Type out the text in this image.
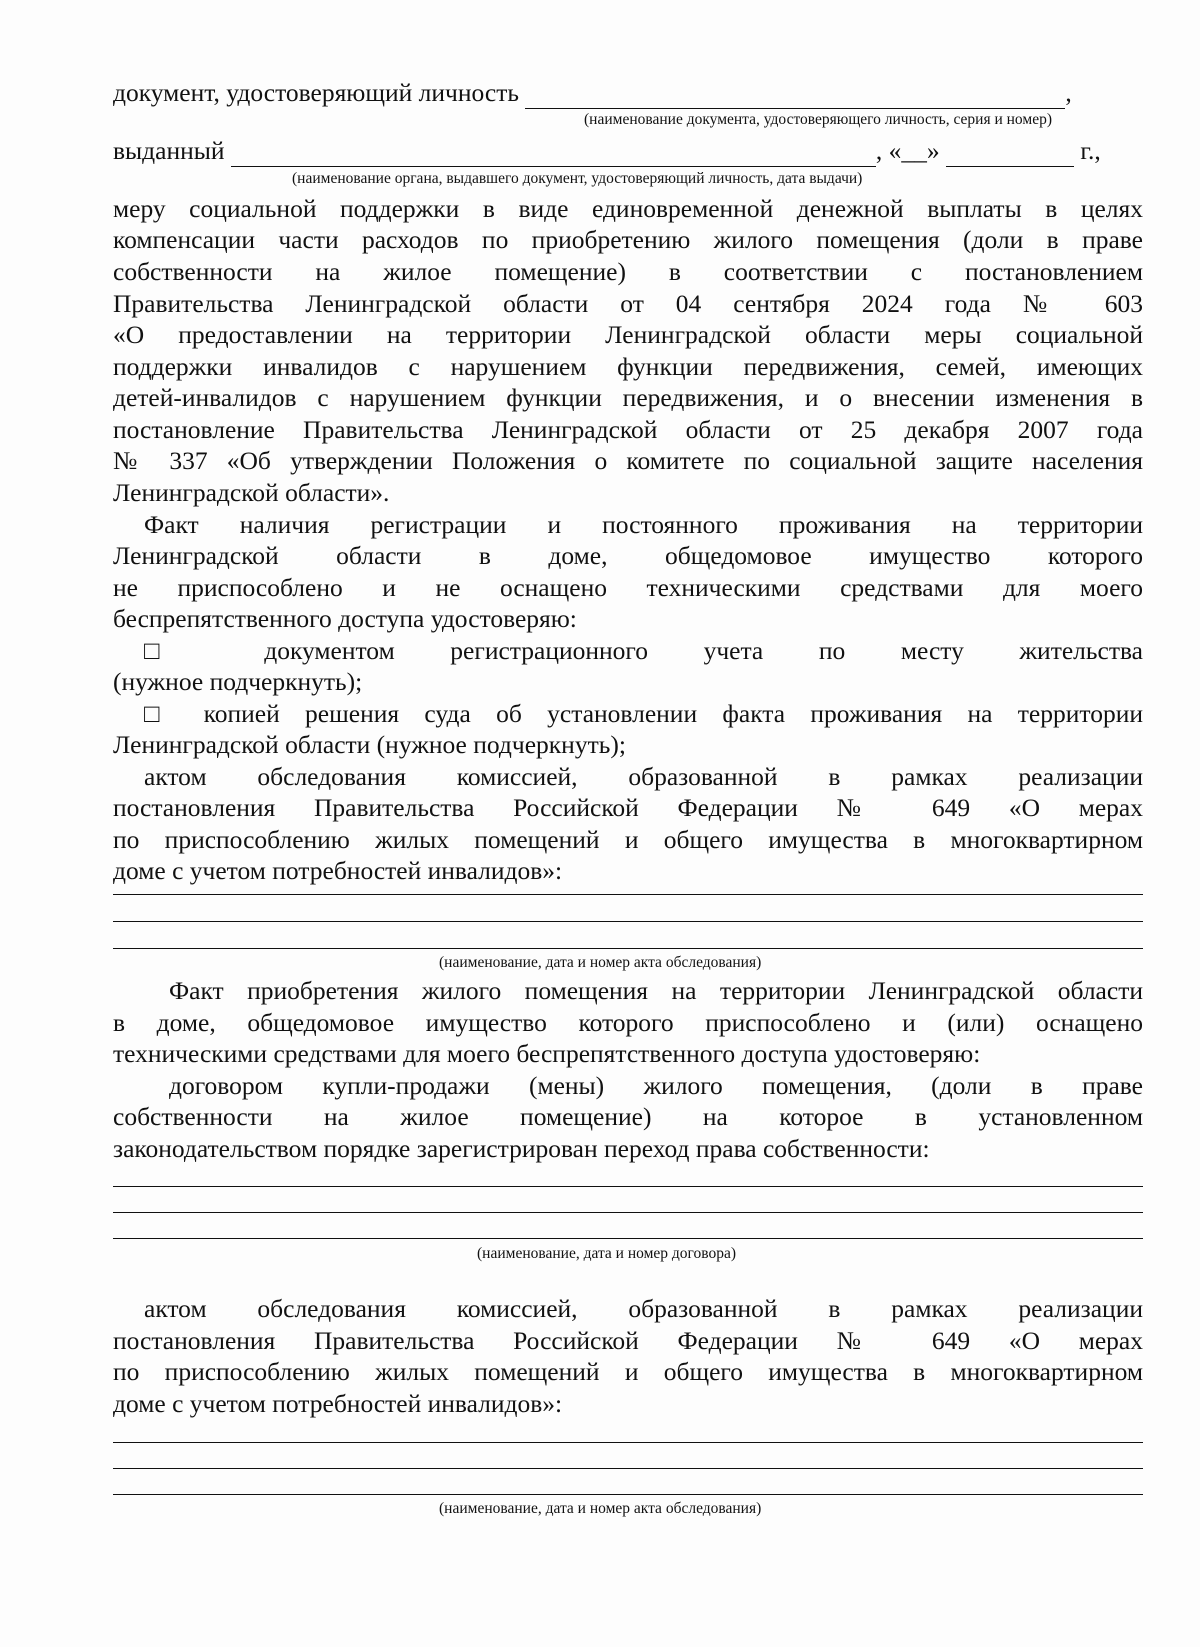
документ, удостоверяющий личность	,
(наименование документа, удостоверяющего личность, серия и номер)
выданный	, «__»	г.,
(наименование органа, выдавшего документ, удостоверяющий личность, дата выдачи)
меру социальной поддержки в виде единовременной денежной выплаты в целях
компенсации части расходов по приобретению жилого помещения (доли в праве
собственности на жилое помещение) в соответствии с постановлением
Правительства Ленинградской области от 04 сентября 2024 года № 603
«О предоставлении на территории Ленинградской области меры социальной
поддержки инвалидов с нарушением функции передвижения, семей, имеющих
детей-инвалидов с нарушением функции передвижения, и о внесении изменения в
постановление Правительства Ленинградской области от 25 декабря 2007 года
№ 337 «Об утверждении Положения о комитете по социальной защите населения
Ленинградской области».
Факт наличия регистрации и постоянного проживания на территории
Ленинградской области в доме, общедомовое имущество которого
не приспособлено и не оснащено техническими средствами для моего
беспрепятственного доступа удостоверяю:
□ документом регистрационного учета по месту жительства
(нужное подчеркнуть);
□ копией решения суда об установлении факта проживания на территории
Ленинградской области (нужное подчеркнуть);
актом обследования комиссией, образованной в рамках реализации
постановления Правительства Российской Федерации № 649 «О мерах
по приспособлению жилых помещений и общего имущества в многоквартирном
доме с учетом потребностей инвалидов»:
(наименование, дата и номер акта обследования)
Факт приобретения жилого помещения на территории Ленинградской области
в доме, общедомовое имущество которого приспособлено и (или) оснащено
техническими средствами для моего беспрепятственного доступа удостоверяю:
договором купли-продажи (мены) жилого помещения, (доли в праве
собственности на жилое помещение) на которое в установленном
законодательством порядке зарегистрирован переход права собственности:
(наименование, дата и номер договора)
актом обследования комиссией, образованной в рамках реализации
постановления Правительства Российской Федерации № 649 «О мерах
по приспособлению жилых помещений и общего имущества в многоквартирном
доме с учетом потребностей инвалидов»:
(наименование, дата и номер акта обследования)
